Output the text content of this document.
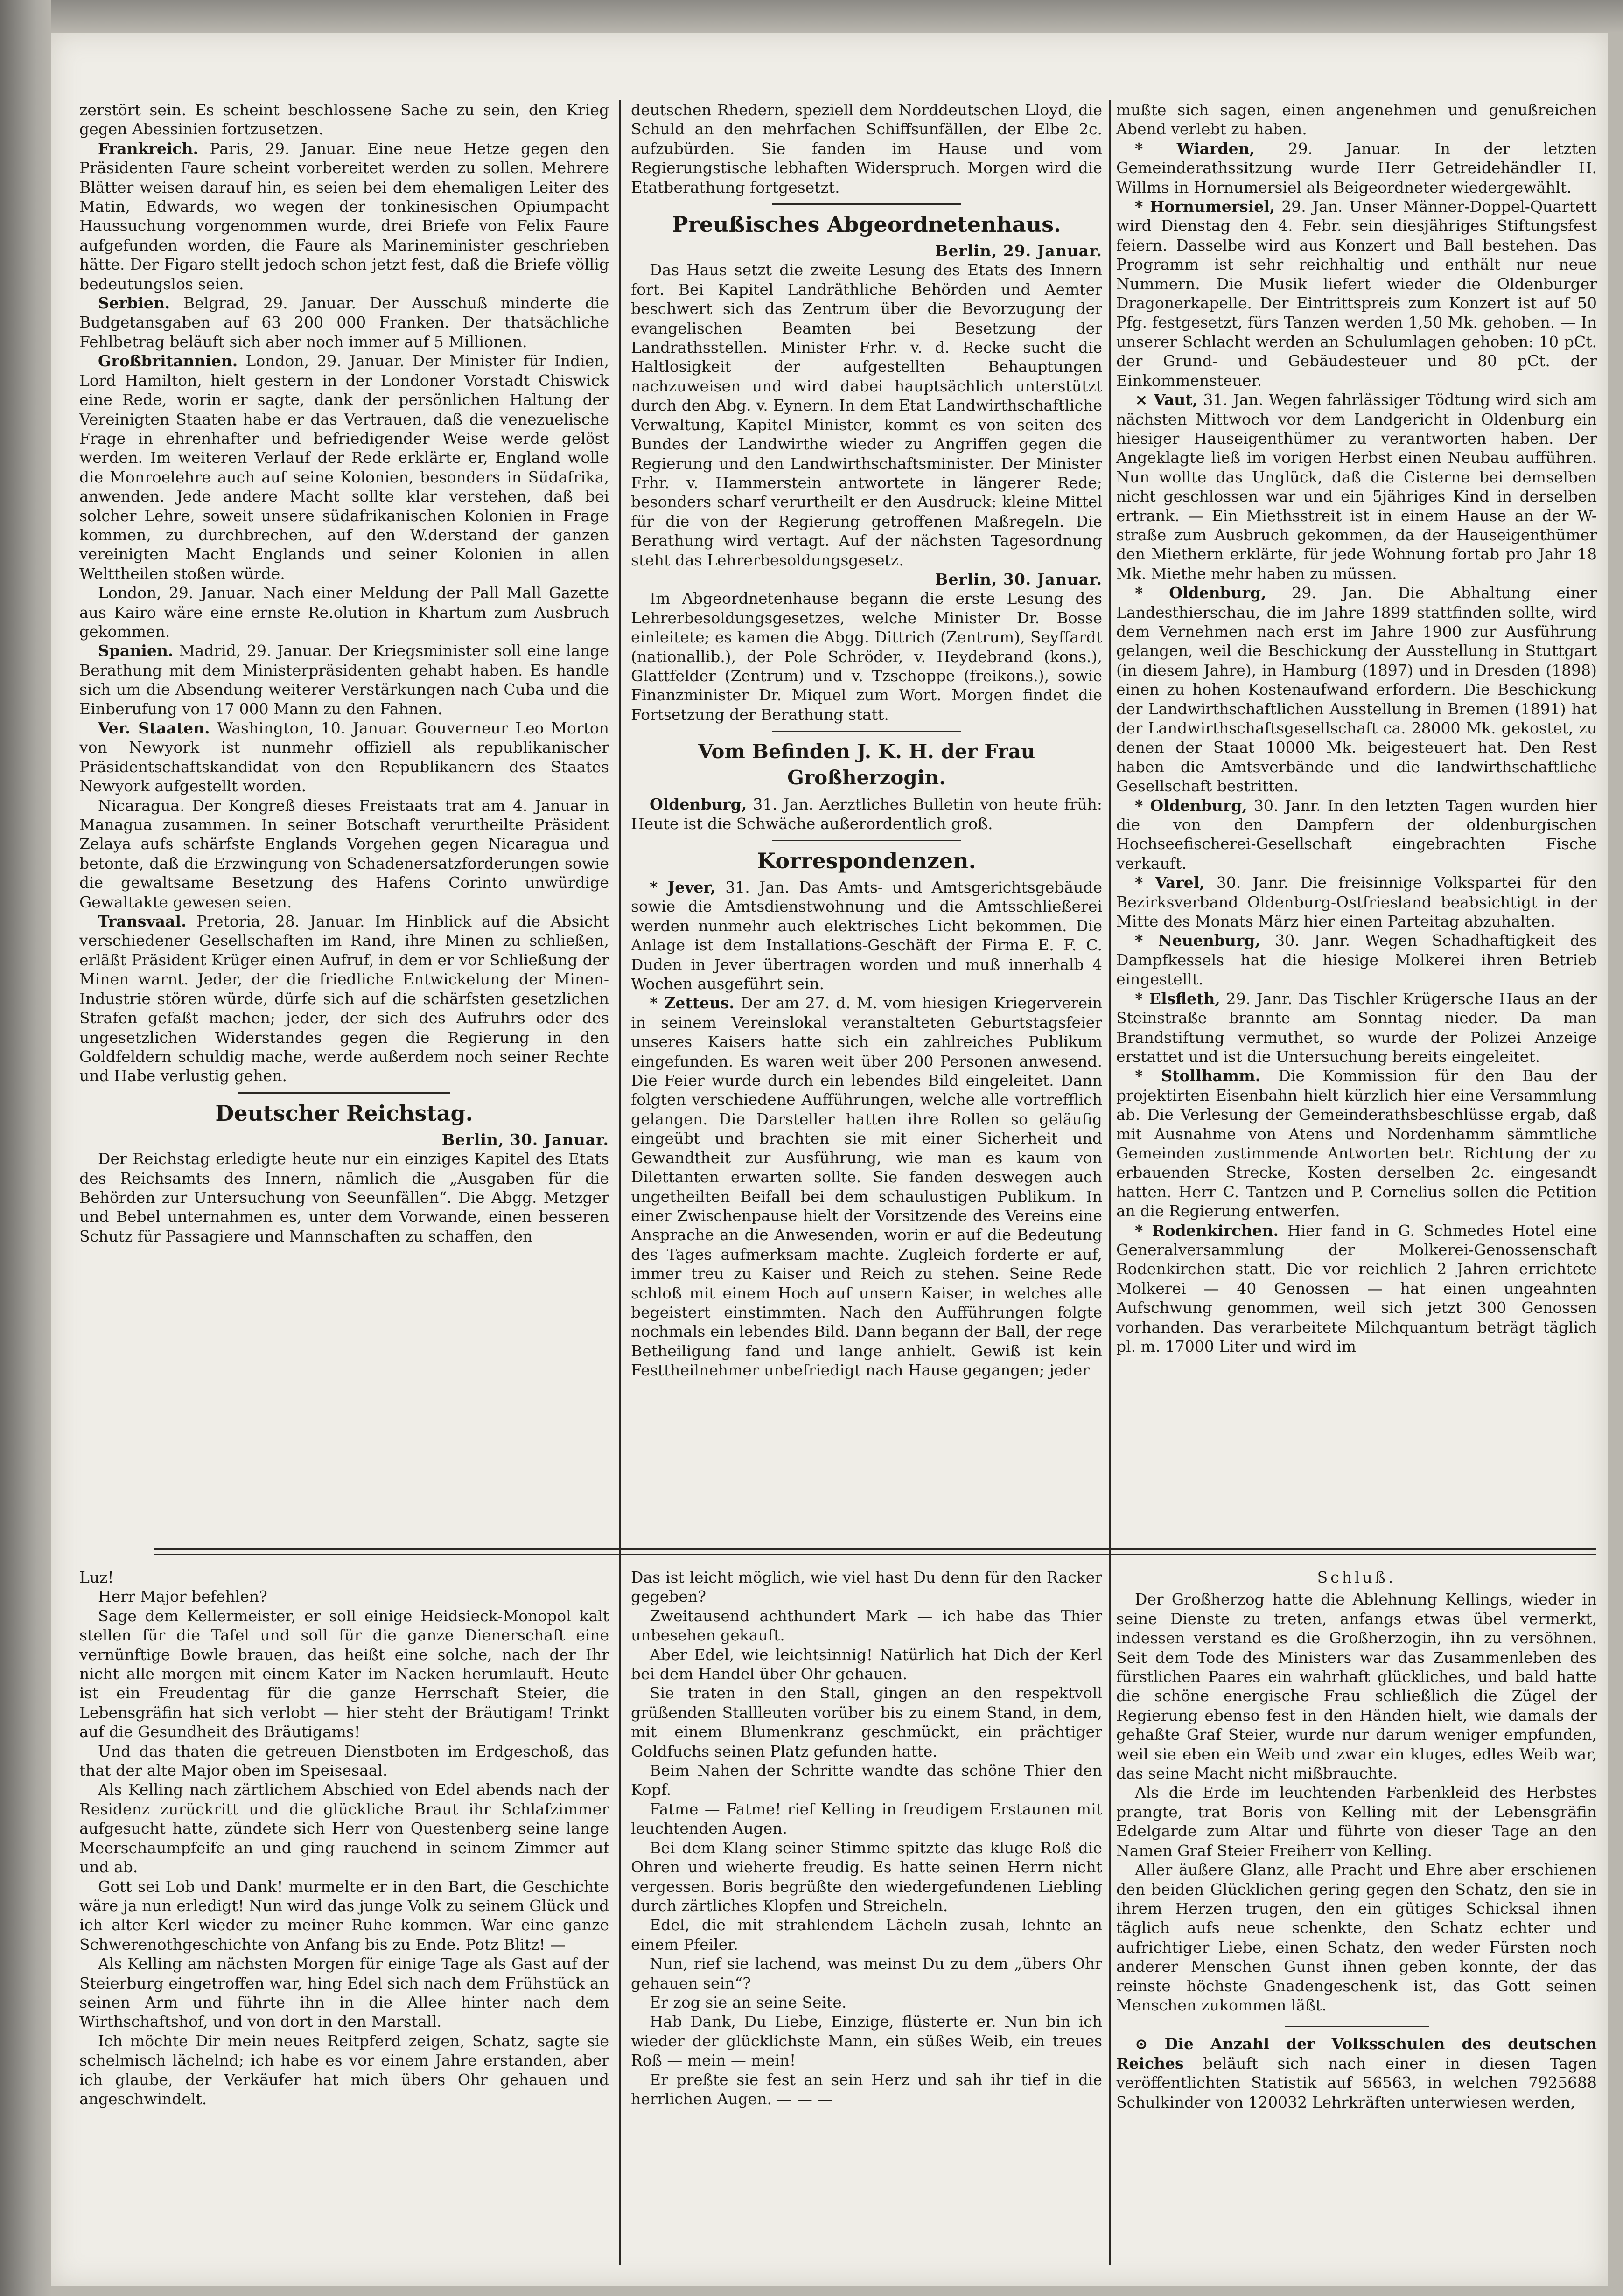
zerstört sein. Es scheint beschlossene Sache zu sein, den Krieg gegen Abessinien fortzusetzen.

Frankreich. Paris, 29. Januar. Eine neue Hetze gegen den Präsidenten Faure scheint vorbereitet werden zu sollen. Mehrere Blätter weisen darauf hin, es seien bei dem ehemaligen Leiter des Matin, Edwards, wo wegen der tonkinesischen Opiumpacht Haussuchung vorgenommen wurde, drei Briefe von Felix Faure aufgefunden worden, die Faure als Marineminister geschrieben hätte. Der Figaro stellt jedoch schon jetzt fest, daß die Briefe völlig bedeutungslos seien.

Serbien. Belgrad, 29. Januar. Der Ausschuß minderte die Budgetansgaben auf 63 200 000 Franken. Der thatsächliche Fehlbetrag beläuft sich aber noch immer auf 5 Millionen.

Großbritannien. London, 29. Januar. Der Minister für Indien, Lord Hamilton, hielt gestern in der Londoner Vorstadt Chiswick eine Rede, worin er sagte, dank der persönlichen Haltung der Vereinigten Staaten habe er das Vertrauen, daß die venezuelische Frage in ehrenhafter und befriedigender Weise werde gelöst werden. Im weiteren Verlauf der Rede erklärte er, England wolle die Monroelehre auch auf seine Kolonien, besonders in Südafrika, anwenden. Jede andere Macht sollte klar verstehen, daß bei solcher Lehre, soweit unsere südafrikanischen Kolonien in Frage kommen, zu durchbrechen, auf den W.derstand der ganzen vereinigten Macht Englands und seiner Kolonien in allen Welttheilen stoßen würde.

London, 29. Januar. Nach einer Meldung der Pall Mall Gazette aus Kairo wäre eine ernste Re.olution in Khartum zum Ausbruch gekommen.

Spanien. Madrid, 29. Januar. Der Kriegsminister soll eine lange Berathung mit dem Ministerpräsidenten gehabt haben. Es handle sich um die Absendung weiterer Verstärkungen nach Cuba und die Einberufung von 17 000 Mann zu den Fahnen.

Ver. Staaten. Washington, 10. Januar. Gouverneur Leo Morton von Newyork ist nunmehr offiziell als republikanischer Präsidentschaftskandidat von den Republikanern des Staates Newyork aufgestellt worden.

Nicaragua. Der Kongreß dieses Freistaats trat am 4. Januar in Managua zusammen. In seiner Botschaft verurtheilte Präsident Zelaya aufs schärfste Englands Vorgehen gegen Nicaragua und betonte, daß die Erzwingung von Schadenersatzforderungen sowie die gewaltsame Besetzung des Hafens Corinto unwürdige Gewaltakte gewesen seien.

Transvaal. Pretoria, 28. Januar. Im Hinblick auf die Absicht verschiedener Gesellschaften im Rand, ihre Minen zu schließen, erläßt Präsident Krüger einen Aufruf, in dem er vor Schließung der Minen warnt. Jeder, der die friedliche Entwickelung der Minen-Industrie stören würde, dürfe sich auf die schärfsten gesetzlichen Strafen gefaßt machen; jeder, der sich des Aufruhrs oder des ungesetzlichen Widerstandes gegen die Regierung in den Goldfeldern schuldig mache, werde außerdem noch seiner Rechte und Habe verlustig gehen.

Deutscher Reichstag.

Berlin, 30. Januar.

Der Reichstag erledigte heute nur ein einziges Kapitel des Etats des Reichsamts des Innern, nämlich die „Ausgaben für die Behörden zur Untersuchung von Seeunfällen“. Die Abgg. Metzger und Bebel unternahmen es, unter dem Vorwande, einen besseren Schutz für Passagiere und Mannschaften zu schaffen, den

deutschen Rhedern, speziell dem Norddeutschen Lloyd, die Schuld an den mehrfachen Schiffsunfällen, der Elbe 2c. aufzubürden. Sie fanden im Hause und vom Regierungstische lebhaften Widerspruch. Morgen wird die Etatberathung fortgesetzt.

Preußisches Abgeordnetenhaus.

Berlin, 29. Januar.

Das Haus setzt die zweite Lesung des Etats des Innern fort. Bei Kapitel Landräthliche Behörden und Aemter beschwert sich das Zentrum über die Bevorzugung der evangelischen Beamten bei Besetzung der Landrathsstellen. Minister Frhr. v. d. Recke sucht die Haltlosigkeit der aufgestellten Behauptungen nachzuweisen und wird dabei hauptsächlich unterstützt durch den Abg. v. Eynern. In dem Etat Landwirthschaftliche Verwaltung, Kapitel Minister, kommt es von seiten des Bundes der Landwirthe wieder zu Angriffen gegen die Regierung und den Landwirthschaftsminister. Der Minister Frhr. v. Hammerstein antwortete in längerer Rede; besonders scharf verurtheilt er den Ausdruck: kleine Mittel für die von der Regierung getroffenen Maßregeln. Die Berathung wird vertagt. Auf der nächsten Tagesordnung steht das Lehrerbesoldungsgesetz.

Berlin, 30. Januar.

Im Abgeordnetenhause begann die erste Lesung des Lehrerbesoldungsgesetzes, welche Minister Dr. Bosse einleitete; es kamen die Abgg. Dittrich (Zentrum), Seyffardt (nationallib.), der Pole Schröder, v. Heydebrand (kons.), Glattfelder (Zentrum) und v. Tzschoppe (freikons.), sowie Finanzminister Dr. Miquel zum Wort. Morgen findet die Fortsetzung der Berathung statt.

Vom Befinden J. K. H. der Frau Großherzogin.

Oldenburg, 31. Jan. Aerztliches Bulletin von heute früh: Heute ist die Schwäche außerordentlich groß.

Korrespondenzen.

* Jever, 31. Jan. Das Amts- und Amtsgerichtsgebäude sowie die Amtsdienstwohnung und die Amtsschließerei werden nunmehr auch elektrisches Licht bekommen. Die Anlage ist dem Installations-Geschäft der Firma E. F. C. Duden in Jever übertragen worden und muß innerhalb 4 Wochen ausgeführt sein.

* Zetteus. Der am 27. d. M. vom hiesigen Kriegerverein in seinem Vereinslokal veranstalteten Geburtstagsfeier unseres Kaisers hatte sich ein zahlreiches Publikum eingefunden. Es waren weit über 200 Personen anwesend. Die Feier wurde durch ein lebendes Bild eingeleitet. Dann folgten verschiedene Aufführungen, welche alle vortrefflich gelangen. Die Darsteller hatten ihre Rollen so geläufig eingeübt und brachten sie mit einer Sicherheit und Gewandtheit zur Ausführung, wie man es kaum von Dilettanten erwarten sollte. Sie fanden deswegen auch ungetheilten Beifall bei dem schaulustigen Publikum. In einer Zwischenpause hielt der Vorsitzende des Vereins eine Ansprache an die Anwesenden, worin er auf die Bedeutung des Tages aufmerksam machte. Zugleich forderte er auf, immer treu zu Kaiser und Reich zu stehen. Seine Rede schloß mit einem Hoch auf unsern Kaiser, in welches alle begeistert einstimmten. Nach den Aufführungen folgte nochmals ein lebendes Bild. Dann begann der Ball, der rege Betheiligung fand und lange anhielt. Gewiß ist kein Festtheilnehmer unbefriedigt nach Hause gegangen; jeder

mußte sich sagen, einen angenehmen und genußreichen Abend verlebt zu haben.

* Wiarden, 29. Januar. In der letzten Gemeinderathssitzung wurde Herr Getreidehändler H. Willms in Hornumersiel als Beigeordneter wiedergewählt.

* Hornumersiel, 29. Jan. Unser Männer-Doppel-Quartett wird Dienstag den 4. Febr. sein diesjähriges Stiftungsfest feiern. Dasselbe wird aus Konzert und Ball bestehen. Das Programm ist sehr reichhaltig und enthält nur neue Nummern. Die Musik liefert wieder die Oldenburger Dragonerkapelle. Der Eintrittspreis zum Konzert ist auf 50 Pfg. festgesetzt, fürs Tanzen werden 1,50 Mk. gehoben. — In unserer Schlacht werden an Schulumlagen gehoben: 10 pCt. der Grund- und Gebäudesteuer und 80 pCt. der Einkommensteuer.

× Vaut, 31. Jan. Wegen fahrlässiger Tödtung wird sich am nächsten Mittwoch vor dem Landgericht in Oldenburg ein hiesiger Hauseigenthümer zu verantworten haben. Der Angeklagte ließ im vorigen Herbst einen Neubau aufführen. Nun wollte das Unglück, daß die Cisterne bei demselben nicht geschlossen war und ein 5jähriges Kind in derselben ertrank. — Ein Miethsstreit ist in einem Hause an der W-straße zum Ausbruch gekommen, da der Hauseigenthümer den Miethern erklärte, für jede Wohnung fortab pro Jahr 18 Mk. Miethe mehr haben zu müssen.

* Oldenburg, 29. Jan. Die Abhaltung einer Landesthierschau, die im Jahre 1899 stattfinden sollte, wird dem Vernehmen nach erst im Jahre 1900 zur Ausführung gelangen, weil die Beschickung der Ausstellung in Stuttgart (in diesem Jahre), in Hamburg (1897) und in Dresden (1898) einen zu hohen Kostenaufwand erfordern. Die Beschickung der Landwirthschaftlichen Ausstellung in Bremen (1891) hat der Landwirthschaftsgesellschaft ca. 28000 Mk. gekostet, zu denen der Staat 10000 Mk. beigesteuert hat. Den Rest haben die Amtsverbände und die landwirthschaftliche Gesellschaft bestritten.

* Oldenburg, 30. Janr. In den letzten Tagen wurden hier die von den Dampfern der oldenburgischen Hochseefischerei-Gesellschaft eingebrachten Fische verkauft.

* Varel, 30. Janr. Die freisinnige Volkspartei für den Bezirksverband Oldenburg-Ostfriesland beabsichtigt in der Mitte des Monats März hier einen Parteitag abzuhalten.

* Neuenburg, 30. Janr. Wegen Schadhaftigkeit des Dampfkessels hat die hiesige Molkerei ihren Betrieb eingestellt.

* Elsfleth, 29. Janr. Das Tischler Krügersche Haus an der Steinstraße brannte am Sonntag nieder. Da man Brandstiftung vermuthet, so wurde der Polizei Anzeige erstattet und ist die Untersuchung bereits eingeleitet.

* Stollhamm. Die Kommission für den Bau der projektirten Eisenbahn hielt kürzlich hier eine Versammlung ab. Die Verlesung der Gemeinderathsbeschlüsse ergab, daß mit Ausnahme von Atens und Nordenhamm sämmtliche Gemeinden zustimmende Antworten betr. Richtung der zu erbauenden Strecke, Kosten derselben 2c. eingesandt hatten. Herr C. Tantzen und P. Cornelius sollen die Petition an die Regierung entwerfen.

* Rodenkirchen. Hier fand in G. Schmedes Hotel eine Generalversammlung der Molkerei-Genossenschaft Rodenkirchen statt. Die vor reichlich 2 Jahren errichtete Molkerei — 40 Genossen — hat einen ungeahnten Aufschwung genommen, weil sich jetzt 300 Genossen vorhanden. Das verarbeitete Milchquantum beträgt täglich pl. m. 17000 Liter und wird im

Luz!

Herr Major befehlen?

Sage dem Kellermeister, er soll einige Heidsieck-Monopol kalt stellen für die Tafel und soll für die ganze Dienerschaft eine vernünftige Bowle brauen, das heißt eine solche, nach der Ihr nicht alle morgen mit einem Kater im Nacken herumlauft. Heute ist ein Freudentag für die ganze Herrschaft Steier, die Lebensgräfin hat sich verlobt — hier steht der Bräutigam! Trinkt auf die Gesundheit des Bräutigams!

Und das thaten die getreuen Dienstboten im Erdgeschoß, das that der alte Major oben im Speisesaal.

Als Kelling nach zärtlichem Abschied von Edel abends nach der Residenz zurückritt und die glückliche Braut ihr Schlafzimmer aufgesucht hatte, zündete sich Herr von Questenberg seine lange Meerschaumpfeife an und ging rauchend in seinem Zimmer auf und ab.

Gott sei Lob und Dank! murmelte er in den Bart, die Geschichte wäre ja nun erledigt! Nun wird das junge Volk zu seinem Glück und ich alter Kerl wieder zu meiner Ruhe kommen. War eine ganze Schwerenothgeschichte von Anfang bis zu Ende. Potz Blitz! —

Als Kelling am nächsten Morgen für einige Tage als Gast auf der Steierburg eingetroffen war, hing Edel sich nach dem Frühstück an seinen Arm und führte ihn in die Allee hinter nach dem Wirthschaftshof, und von dort in den Marstall.

Ich möchte Dir mein neues Reitpferd zeigen, Schatz, sagte sie schelmisch lächelnd; ich habe es vor einem Jahre erstanden, aber ich glaube, der Verkäufer hat mich übers Ohr gehauen und angeschwindelt.

Das ist leicht möglich, wie viel hast Du denn für den Racker gegeben?

Zweitausend achthundert Mark — ich habe das Thier unbesehen gekauft.

Aber Edel, wie leichtsinnig! Natürlich hat Dich der Kerl bei dem Handel über Ohr gehauen.

Sie traten in den Stall, gingen an den respektvoll grüßenden Stallleuten vorüber bis zu einem Stand, in dem, mit einem Blumenkranz geschmückt, ein prächtiger Goldfuchs seinen Platz gefunden hatte.

Beim Nahen der Schritte wandte das schöne Thier den Kopf.

Fatme — Fatme! rief Kelling in freudigem Erstaunen mit leuchtenden Augen.

Bei dem Klang seiner Stimme spitzte das kluge Roß die Ohren und wieherte freudig. Es hatte seinen Herrn nicht vergessen. Boris begrüßte den wiedergefundenen Liebling durch zärtliches Klopfen und Streicheln.

Edel, die mit strahlendem Lächeln zusah, lehnte an einem Pfeiler.

Nun, rief sie lachend, was meinst Du zu dem „übers Ohr gehauen sein“?

Er zog sie an seine Seite.

Hab Dank, Du Liebe, Einzige, flüsterte er. Nun bin ich wieder der glücklichste Mann, ein süßes Weib, ein treues Roß — mein — mein!

Er preßte sie fest an sein Herz und sah ihr tief in die herrlichen Augen. — — —

Schluß.

Der Großherzog hatte die Ablehnung Kellings, wieder in seine Dienste zu treten, anfangs etwas übel vermerkt, indessen verstand es die Großherzogin, ihn zu versöhnen. Seit dem Tode des Ministers war das Zusammenleben des fürstlichen Paares ein wahrhaft glückliches, und bald hatte die schöne energische Frau schließlich die Zügel der Regierung ebenso fest in den Händen hielt, wie damals der gehaßte Graf Steier, wurde nur darum weniger empfunden, weil sie eben ein Weib und zwar ein kluges, edles Weib war, das seine Macht nicht mißbrauchte.

Als die Erde im leuchtenden Farbenkleid des Herbstes prangte, trat Boris von Kelling mit der Lebensgräfin Edelgarde zum Altar und führte von dieser Tage an den Namen Graf Steier Freiherr von Kelling.

Aller äußere Glanz, alle Pracht und Ehre aber erschienen den beiden Glücklichen gering gegen den Schatz, den sie in ihrem Herzen trugen, den ein gütiges Schicksal ihnen täglich aufs neue schenkte, den Schatz echter und aufrichtiger Liebe, einen Schatz, den weder Fürsten noch anderer Menschen Gunst ihnen geben konnte, der das reinste höchste Gnadengeschenk ist, das Gott seinen Menschen zukommen läßt.

⊙ Die Anzahl der Volksschulen des deutschen Reiches beläuft sich nach einer in diesen Tagen veröffentlichten Statistik auf 56563, in welchen 7925688 Schulkinder von 120032 Lehrkräften unterwiesen werden,
